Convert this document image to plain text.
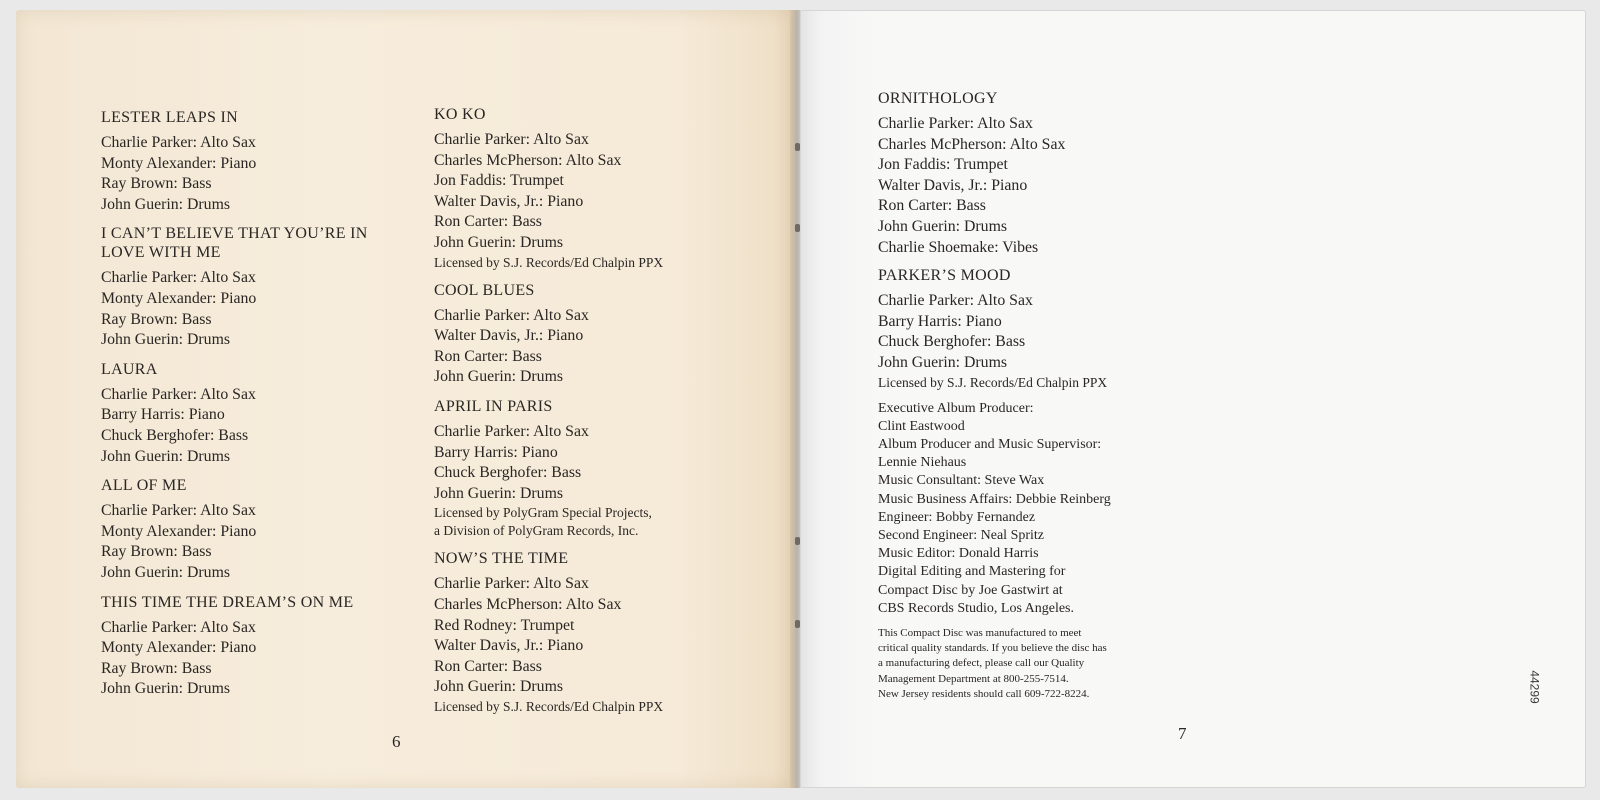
LESTER LEAPS IN
Charlie Parker: Alto Sax
Monty Alexander: Piano
Ray Brown: Bass
John Guerin: Drums
I CAN’T BELIEVE THAT YOU’RE IN LOVE WITH ME
Charlie Parker: Alto Sax
Monty Alexander: Piano
Ray Brown: Bass
John Guerin: Drums
LAURA
Charlie Parker: Alto Sax
Barry Harris: Piano
Chuck Berghofer: Bass
John Guerin: Drums
ALL OF ME
Charlie Parker: Alto Sax
Monty Alexander: Piano
Ray Brown: Bass
John Guerin: Drums
THIS TIME THE DREAM’S ON ME
Charlie Parker: Alto Sax
Monty Alexander: Piano
Ray Brown: Bass
John Guerin: Drums
KO KO
Charlie Parker: Alto Sax
Charles McPherson: Alto Sax
Jon Faddis: Trumpet
Walter Davis, Jr.: Piano
Ron Carter: Bass
John Guerin: Drums
Licensed by S.J. Records/Ed Chalpin PPX
COOL BLUES
Charlie Parker: Alto Sax
Walter Davis, Jr.: Piano
Ron Carter: Bass
John Guerin: Drums
APRIL IN PARIS
Charlie Parker: Alto Sax
Barry Harris: Piano
Chuck Berghofer: Bass
John Guerin: Drums
Licensed by PolyGram Special Projects,
a Division of PolyGram Records, Inc.
NOW’S THE TIME
Charlie Parker: Alto Sax
Charles McPherson: Alto Sax
Red Rodney: Trumpet
Walter Davis, Jr.: Piano
Ron Carter: Bass
John Guerin: Drums
Licensed by S.J. Records/Ed Chalpin PPX
6
ORNITHOLOGY
Charlie Parker: Alto Sax
Charles McPherson: Alto Sax
Jon Faddis: Trumpet
Walter Davis, Jr.: Piano
Ron Carter: Bass
John Guerin: Drums
Charlie Shoemake: Vibes
PARKER’S MOOD
Charlie Parker: Alto Sax
Barry Harris: Piano
Chuck Berghofer: Bass
John Guerin: Drums
Licensed by S.J. Records/Ed Chalpin PPX
Executive Album Producer:
Clint Eastwood
Album Producer and Music Supervisor:
Lennie Niehaus
Music Consultant: Steve Wax
Music Business Affairs: Debbie Reinberg
Engineer: Bobby Fernandez
Second Engineer: Neal Spritz
Music Editor: Donald Harris
Digital Editing and Mastering for
Compact Disc by Joe Gastwirt at
CBS Records Studio, Los Angeles.
This Compact Disc was manufactured to meet
critical quality standards. If you believe the disc has
a manufacturing defect, please call our Quality
Management Department at 800-255-7514.
New Jersey residents should call 609-722-8224.
7
44299
